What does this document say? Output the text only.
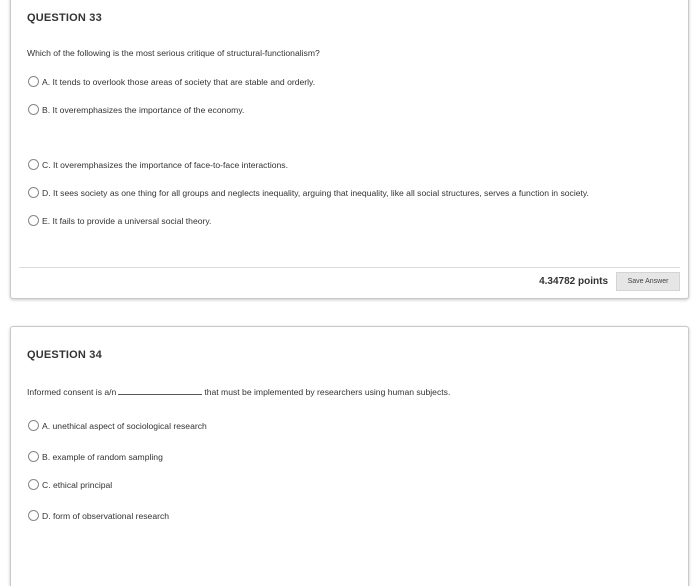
QUESTION 33
Which of the following is the most serious critique of structural-functionalism?
A. It tends to overlook those areas of society that are stable and orderly.
B. It overemphasizes the importance of the economy.
C. It overemphasizes the importance of face-to-face interactions.
D. It sees society as one thing for all groups and neglects inequality, arguing that inequality, like all social structures, serves a function in society.
E. It fails to provide a universal social theory.
4.34782 points	Save Answer
QUESTION 34
Informed consent is a/n	that must be implemented by researchers using human subjects.
A. unethical aspect of sociological research
B. example of random sampling
C. ethical principal
D. form of observational research
